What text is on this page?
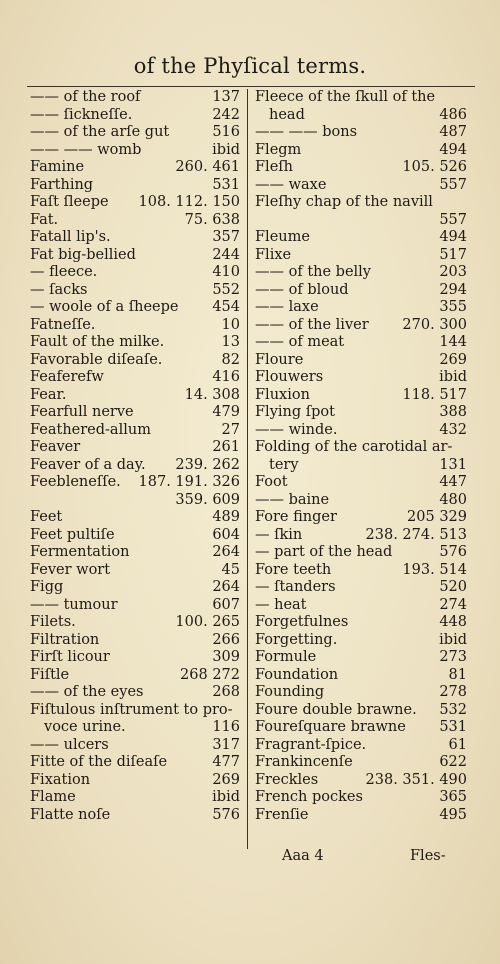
of the Phyſical terms.
—— of the roof	137
—— ſickneſſe.	242
—— of the arſe gut	516
—— —— womb	ibid
Famine	260. 461
Farthing	531
Faſt ſleepe 108. 112. 150
Fat.	75. 638
Fatall lip's.	357
Fat big-bellied	244
— fleece.	410
— ſacks	552
— woole of a ſheepe 454
Fatneſſe.	10
Fault of the milke.	13
Favorable diſeaſe.	82
Feaferefw	416
Fear.	14. 308
Fearfull nerve	479
Feathered-allum	27
Feaver	261
Feaver of a day. 239. 262
Feebleneſſe. 187. 191. 326
359. 609
Feet	489
Feet pultiſe	604
Fermentation	264
Fever wort	45
Figg	264
—— tumour	607
Filets.	100. 265
Filtration	266
Firſt licour	309
Fiſtle	268 272
—— of the eyes	268
Fiſtulous inſtrument to pro-
voce urine.	116
—— ulcers	317
Fitte of the diſeaſe	477
Fixation	269
Flame	ibid
Flatte noſe	576
Fleece of the ſkull of the
head	486
—— —— bons	487
Flegm	494
Fleſh	105. 526
—— waxe	557
Fleſhy chap of the navill
557
Fleume	494
Flixe	517
—— of the belly	203
—— of bloud	294
—— laxe	355
—— of the liver 270. 300
—— of meat	144
Floure	269
Flouwers	ibid
Fluxion	118. 517
Flying ſpot	388
—— winde.	432
Folding of the carotidal ar-
tery	131
Foot	447
—— baine	480
Fore finger	205 329
— ſkin	238. 274. 513
— part of the head	576
Fore teeth	193. 514
— ſtanders	520
— heat	274
Forgetfulnes	448
Forgetting.	ibid
Formule	273
Foundation	81
Founding	278
Foure double brawne. 532
Foureſquare brawne 531
Fragrant-ſpice.	61
Frankincenſe	622
Freckles	238. 351. 490
French pockes	365
Frenſie	495
Aaa 4	Fles-
